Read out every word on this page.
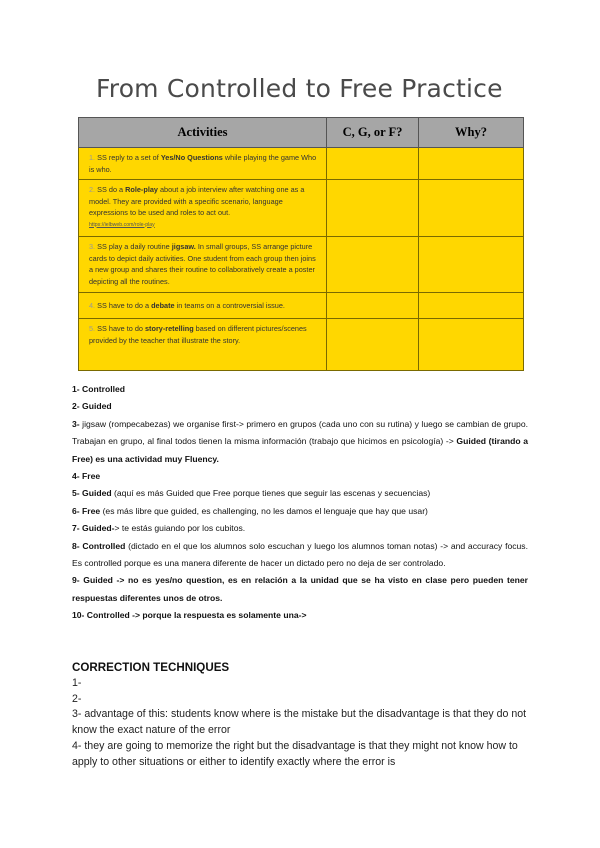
From Controlled to Free Practice
Activities	C, G, or F?	Why?
1. SS reply to a set of Yes/No Questions while playing the game Who is who.		
2. SS do a Role-play about a job interview after watching one as a model. They are provided with a specific scenario, language expressions to be used and roles to act out.
https://ielbweb.com/role-play		

3. SS play a daily routine jigsaw. In small groups, SS arrange picture cards to depict daily activities. One student from each group then joins a new group and shares their routine to collaboratively create a poster depicting all the routines.		
4. SS have to do a debate in teams on a controversial issue.		
5. SS have to do story-retelling based on different pictures/scenes provided by the teacher that illustrate the story.		

1- Controlled

2- Guided

3- jigsaw (rompecabezas) we organise first-> primero en grupos (cada uno con su rutina) y luego se cambian de grupo. Trabajan en grupo, al final todos tienen la misma información (trabajo que hicimos en psicología) -> Guided (tirando a Free) es una actividad muy Fluency.

4- Free

5- Guided (aquí es más Guided que Free porque tienes que seguir las escenas y secuencias)

6- Free (es más libre que guided, es challenging, no les damos el lenguaje que hay que usar)

7- Guided-> te estás guiando por los cubitos.

8- Controlled (dictado en el que los alumnos solo escuchan y luego los alumnos toman notas) -> and accuracy focus. Es controlled porque es una manera diferente de hacer un dictado pero no deja de ser controlado.

9- Guided -> no es yes/no question, es en relación a la unidad que se ha visto en clase pero pueden tener respuestas diferentes unos de otros.

10- Controlled -> porque la respuesta es solamente una->

CORRECTION TECHNIQUES

1-

2-

3- advantage of this: students know where is the mistake but the disadvantage is that they do not know the exact nature of the error

4- they are going to memorize the right but the disadvantage is that they might not know how to apply to other situations or either to identify exactly where the error is
